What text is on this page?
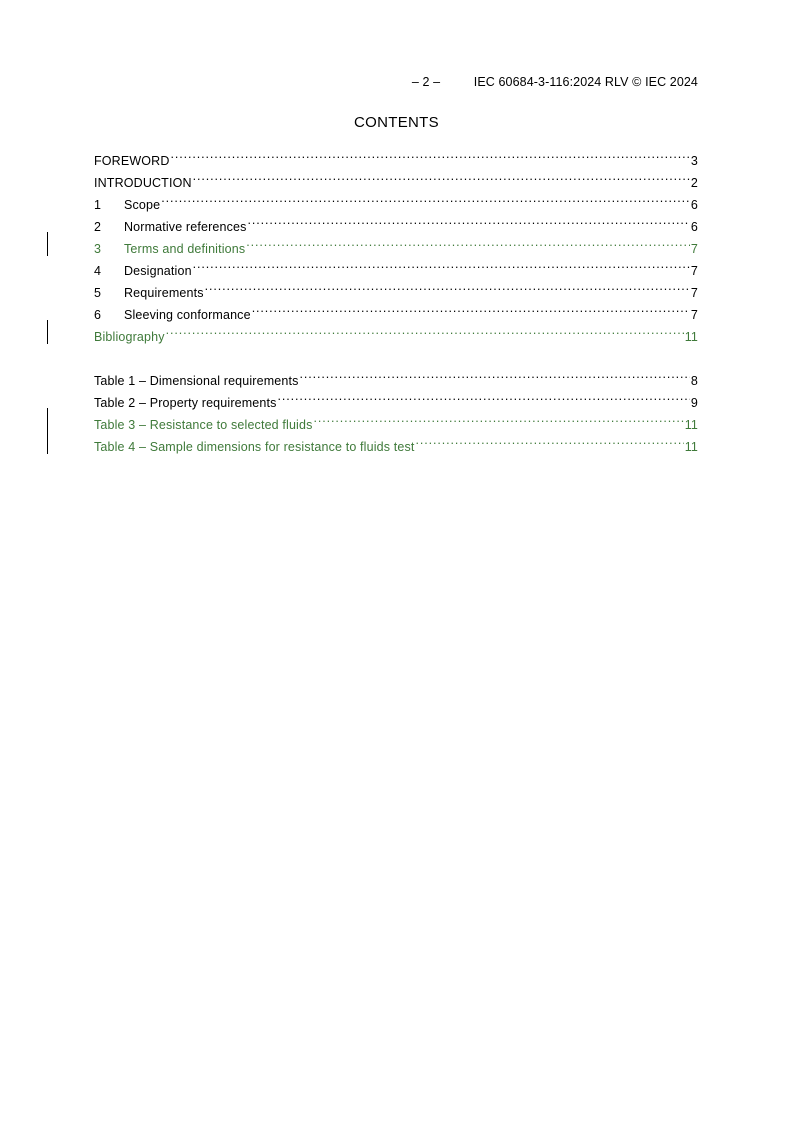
– 2 –	IEC 60684-3-116:2024 RLV © IEC 2024
CONTENTS
FOREWORD .....	3
INTRODUCTION .....	2
1	Scope .....	6
2	Normative references .....	6
3	Terms and definitions .....	7
4	Designation .....	7
5	Requirements .....	7
6	Sleeving conformance .....	7
Bibliography .....	11
Table 1 – Dimensional requirements .....	8
Table 2 – Property requirements .....	9
Table 3 – Resistance to selected fluids .....	11
Table 4 – Sample dimensions for resistance to fluids test .....	11
